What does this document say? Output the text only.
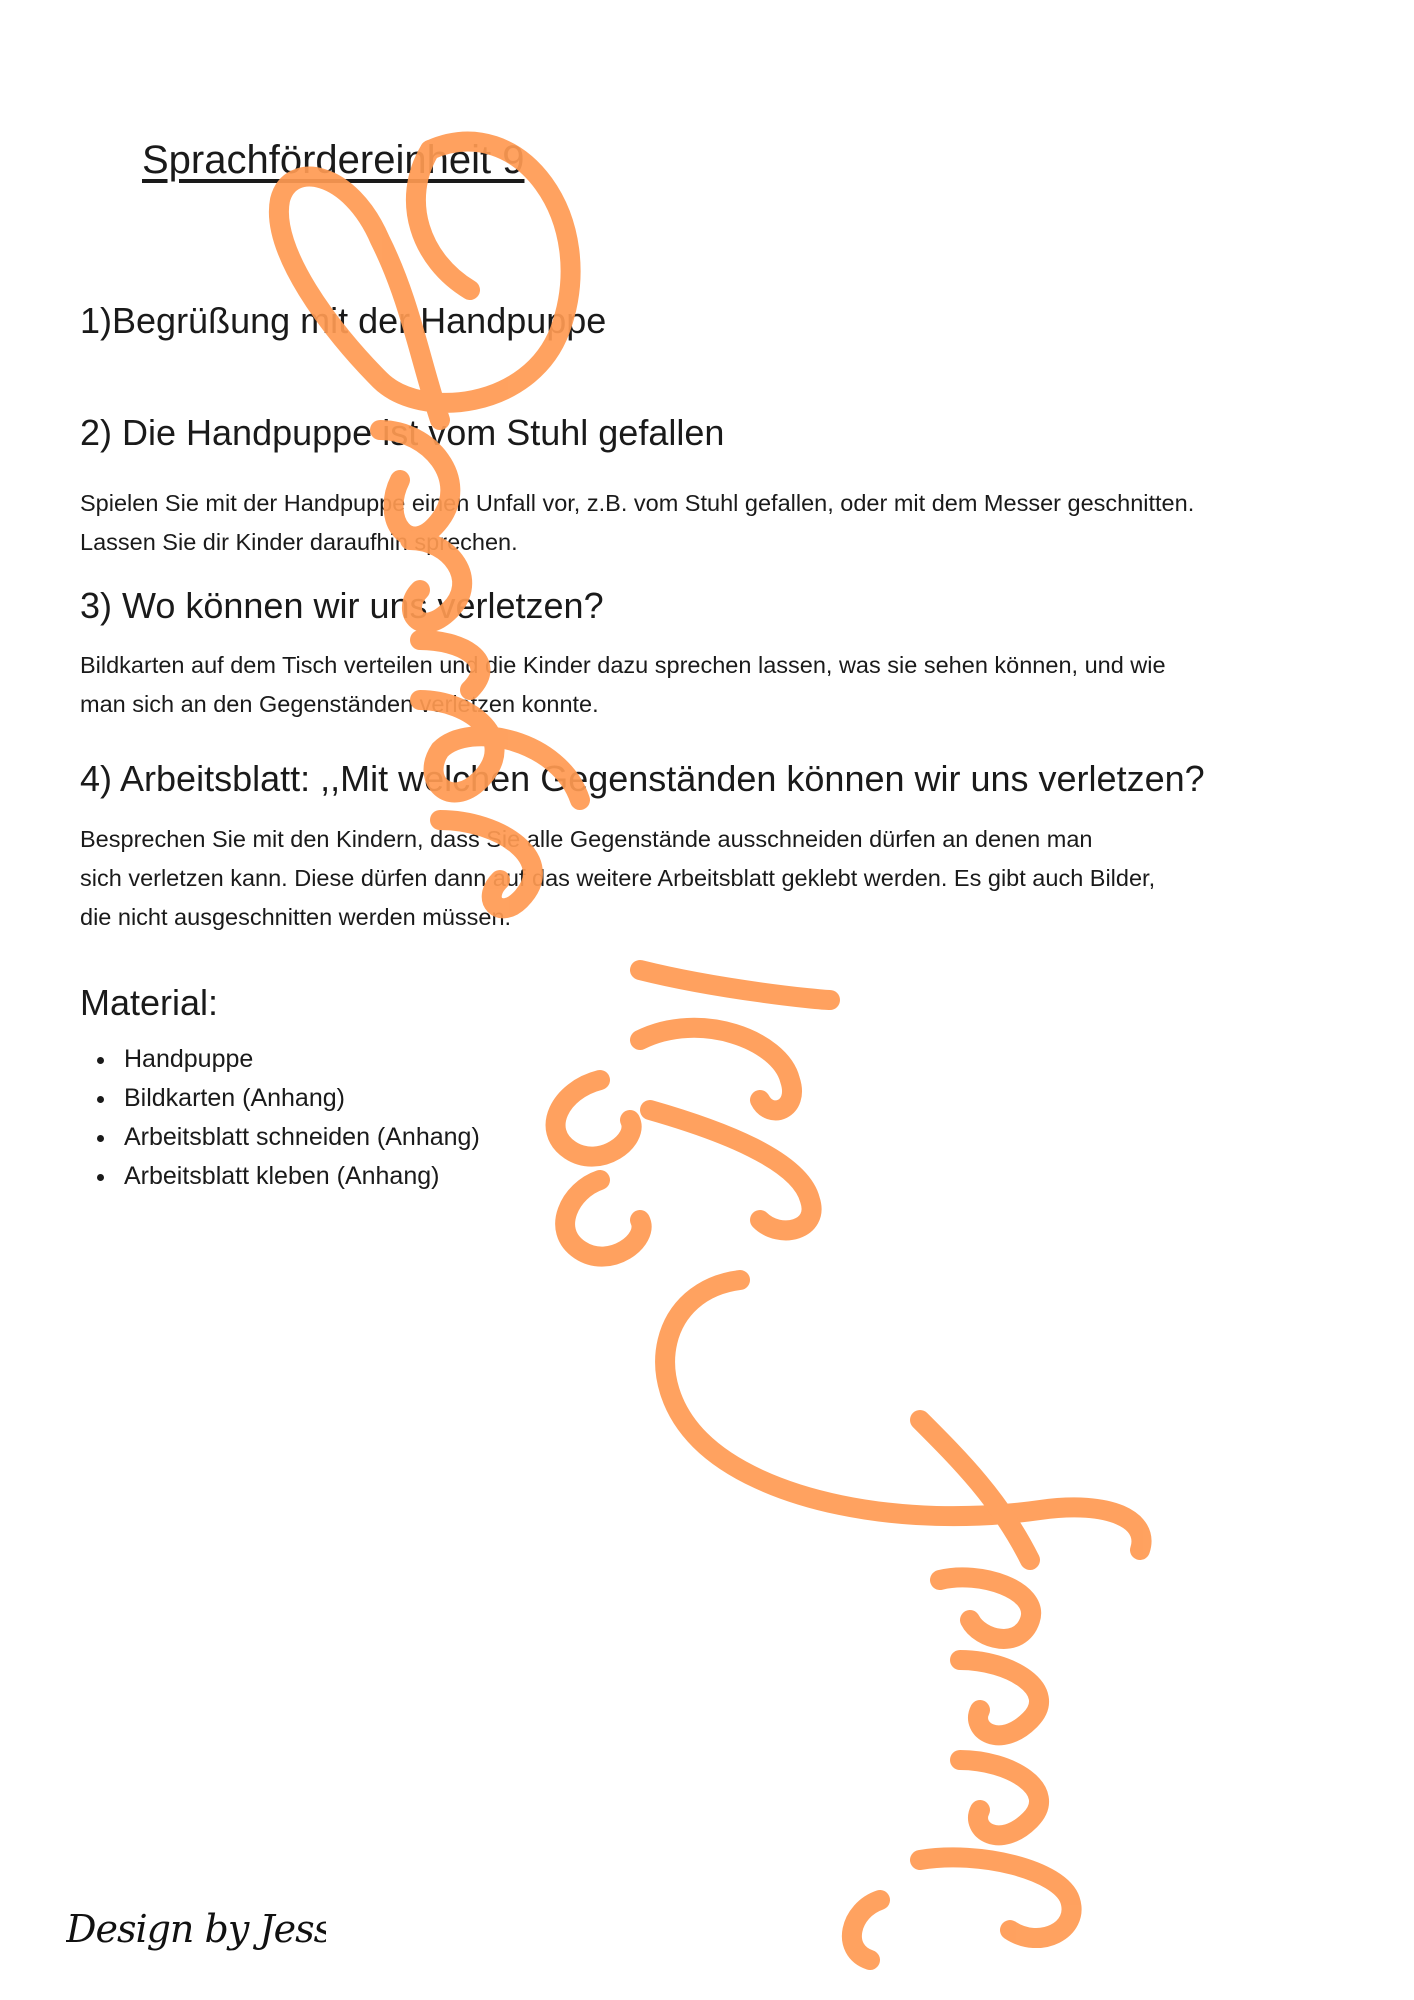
Sprachfördereinheit 9
1)Begrüßung mit der Handpuppe
2) Die Handpuppe ist vom Stuhl gefallen

Spielen Sie mit der Handpuppe einen Unfall vor, z.B. vom Stuhl gefallen, oder mit dem Messer geschnitten.

Lassen Sie dir Kinder daraufhin sprechen.

3) Wo können wir uns verletzen?

Bildkarten auf dem Tisch verteilen und die Kinder dazu sprechen lassen, was sie sehen können, und wie

man sich an den Gegenständen verletzen konnte.

4) Arbeitsblatt: ,,Mit welchen Gegenständen können wir uns verletzen?

Besprechen Sie mit den Kindern, dass Sie alle Gegenstände ausschneiden dürfen an denen man

sich verletzen kann. Diese dürfen dann auf das weitere Arbeitsblatt geklebt werden. Es gibt auch Bilder,

die nicht ausgeschnitten werden müssen.

Material:
Handpuppe
Bildkarten (Anhang)
Arbeitsblatt schneiden (Anhang)
Arbeitsblatt kleben (Anhang)
Design by Jessy
